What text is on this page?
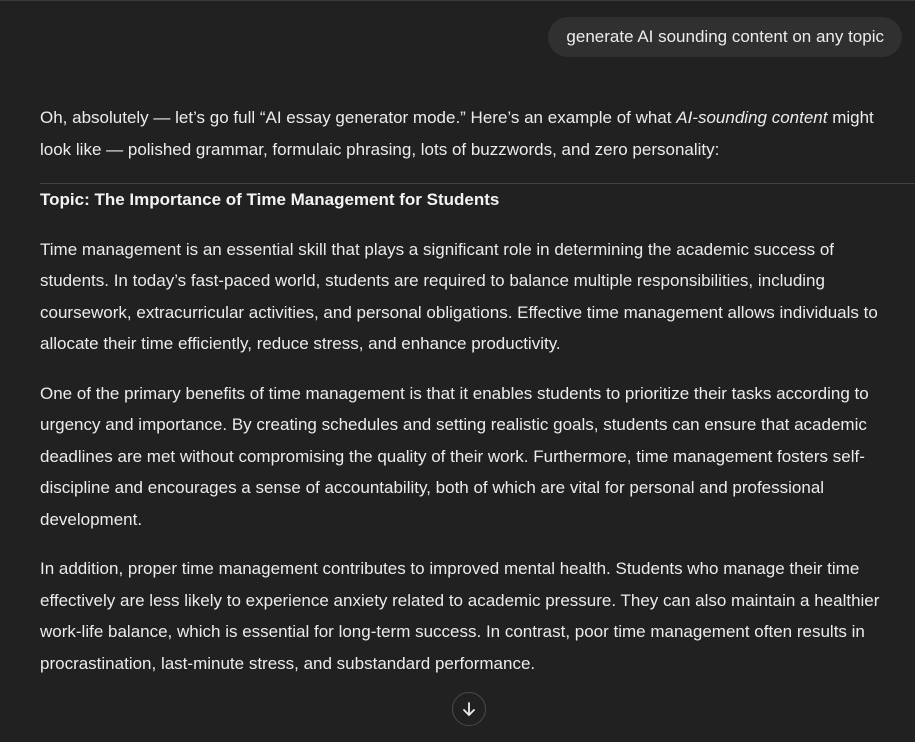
generate AI sounding content on any topic

Oh, absolutely — let’s go full “AI essay generator mode.” Here’s an example of what AI-sounding content might look like — polished grammar, formulaic phrasing, lots of buzzwords, and zero personality:

Topic: The Importance of Time Management for Students

Time management is an essential skill that plays a significant role in determining the academic success of students. In today’s fast-paced world, students are required to balance multiple responsibilities, including coursework, extracurricular activities, and personal obligations. Effective time management allows individuals to allocate their time efficiently, reduce stress, and enhance productivity.

One of the primary benefits of time management is that it enables students to prioritize their tasks according to urgency and importance. By creating schedules and setting realistic goals, students can ensure that academic deadlines are met without compromising the quality of their work. Furthermore, time management fosters self-discipline and encourages a sense of accountability, both of which are vital for personal and professional development.

In addition, proper time management contributes to improved mental health. Students who manage their time effectively are less likely to experience anxiety related to academic pressure. They can also maintain a healthier work-life balance, which is essential for long-term success. In contrast, poor time management often results in procrastination, last-minute stress, and substandard performance.
